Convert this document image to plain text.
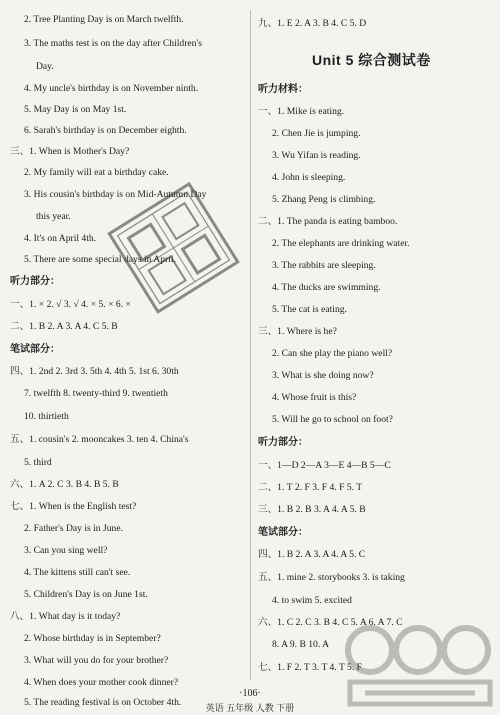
2. Tree Planting Day is on March twelfth.
3. The maths test is on the day after Children's
Day.
4. My uncle's birthday is on November ninth.
5. May Day is on May 1st.
6. Sarah's birthday is on December eighth.
三、1. When is Mother's Day?
2. My family will eat a birthday cake.
3. His cousin's birthday is on Mid-Autumn Day
this year.
4. It's on April 4th.
5. There are some special days in April.
听力部分：
一、1. × 2. √ 3. √ 4. × 5. × 6. ×
二、1. B 2. A 3. A 4. C 5. B
笔试部分：
四、1. 2nd 2. 3rd 3. 5th 4. 4th 5. 1st 6. 30th
7. twelfth 8. twenty-third 9. twentieth
10. thirtieth
五、1. cousin's 2. mooncakes 3. ten 4. China's
5. third
六、1. A 2. C 3. B 4. B 5. B
七、1. When is the English test?
2. Father's Day is in June.
3. Can you sing well?
4. The kittens still can't see.
5. Children's Day is on June 1st.
八、1. What day is it today?
2. Whose birthday is in September?
3. What will you do for your brother?
4. When does your mother cook dinner?
5. The reading festival is on October 4th.
Unit 5 综合测试卷
九、1. E 2. A 3. B 4. C 5. D
听力材料：
一、1. Mike is eating.
2. Chen Jie is jumping.
3. Wu Yifan is reading.
4. John is sleeping.
5. Zhang Peng is climbing.
二、1. The panda is eating bamboo.
2. The elephants are drinking water.
3. The rabbits are sleeping.
4. The ducks are swimming.
5. The cat is eating.
三、1. Where is he?
2. Can she play the piano well?
3. What is she doing now?
4. Whose fruit is this?
5. Will he go to school on foot?
听力部分：
一、1—D 2—A 3—E 4—B 5—C
二、1. T 2. F 3. F 4. F 5. T
三、1. B 2. B 3. A 4. A 5. B
笔试部分：
四、1. B 2. A 3. A 4. A 5. C
五、1. mine 2. storybooks 3. is taking
4. to swim 5. excited
六、1. C 2. C 3. B 4. C 5. A 6. A 7. C
8. A 9. B 10. A
七、1. F 2. T 3. T 4. T 5. F
·106·
英语 五年级 人教 下册
